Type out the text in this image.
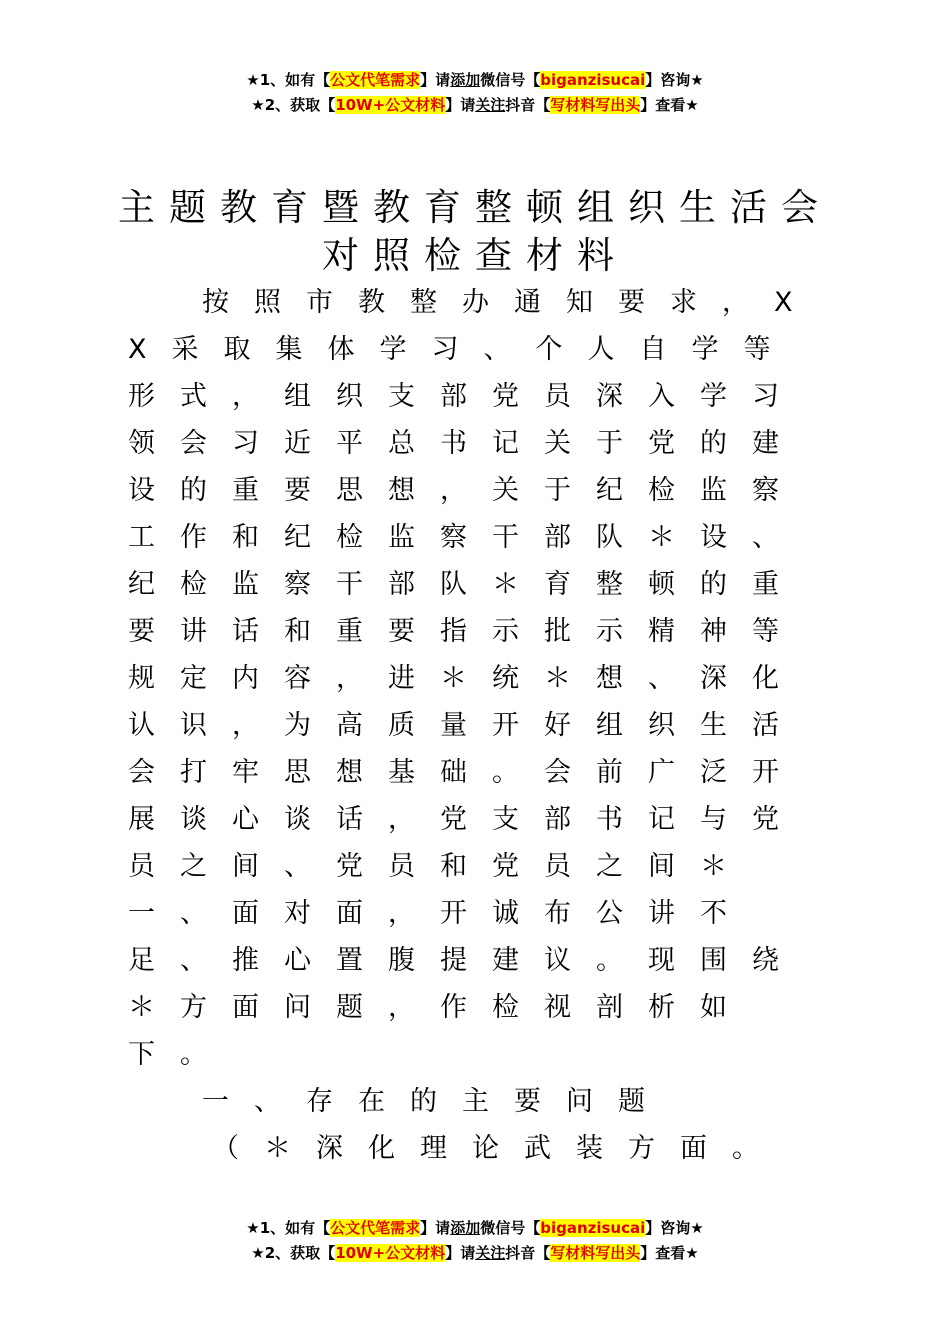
★1、如有【公文代笔需求】请添加微信号【biganzisucai】咨询★
★2、获取【10W+公文材料】请关注抖音【写材料写出头】查看★
主题教育暨教育整顿组织生活会
对照检查材料

按照市教整办通知要求，XX采取集体学习、个人自学等形式，组织支部党员深入学习领会习近平总书记关于党的建设的重要思想，关于纪检监察工作和纪检监察干部队＊设、纪检监察干部队＊育整顿的重要讲话和重要指示批示精神等规定内容，进＊统＊想、深化认识，为高质量开好组织生活会打牢思想基础。会前广泛开展谈心谈话，党支部书记与党员之间、党员和党员之间＊一、面对面，开诚布公讲不足、推心置腹提建议。现围绕＊方面问题，作检视剖析如下。

一、存在的主要问题

（＊深化理论武装方面。

★1、如有【公文代笔需求】请添加微信号【biganzisucai】咨询★
★2、获取【10W+公文材料】请关注抖音【写材料写出头】查看★
